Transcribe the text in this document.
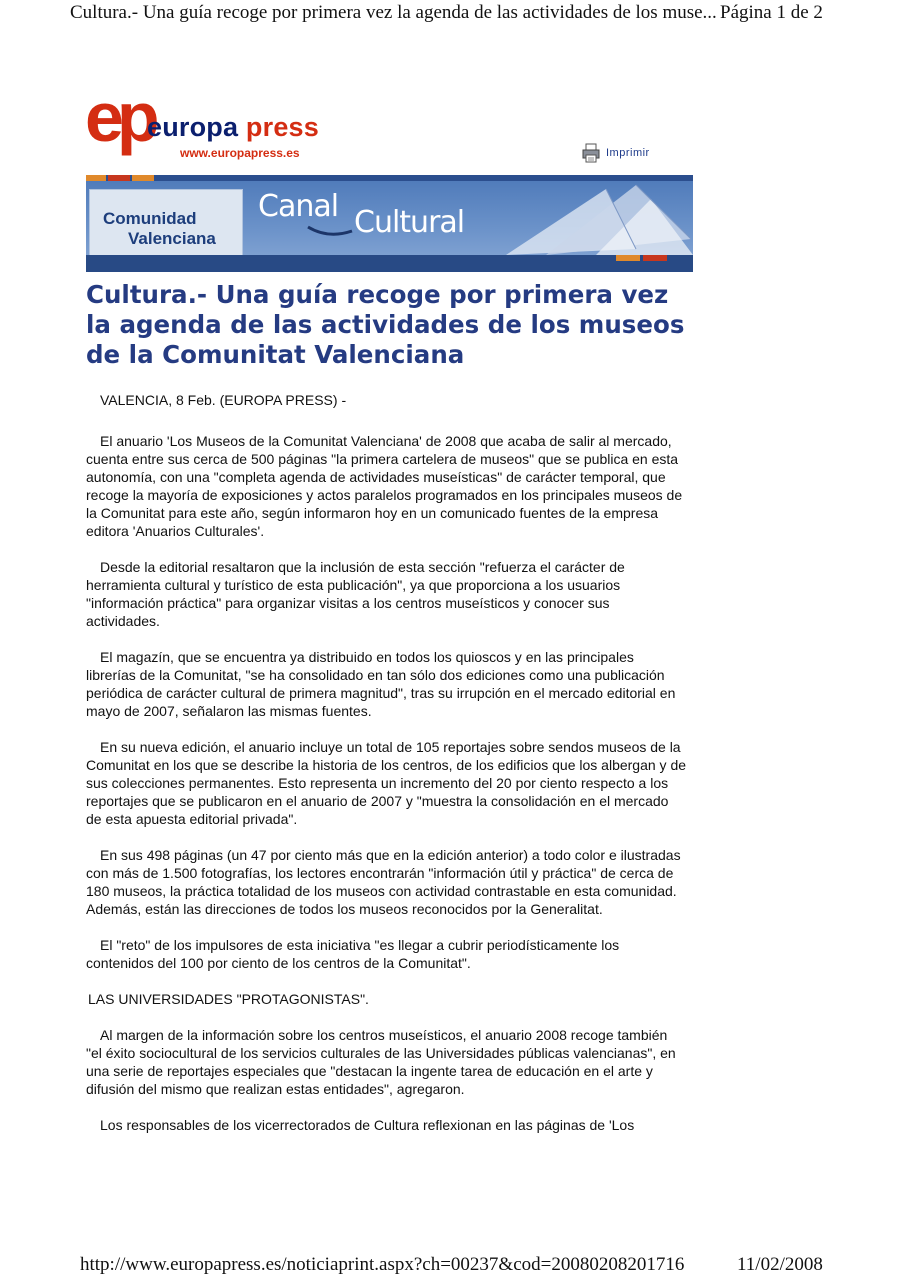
Cultura.- Una guía recoge por primera vez la agenda de las actividades de los muse... Página 1 de 2
ep
europa press
www.europapress.es	Imprimir
Comunidad
Valenciana
Canal Cultural
Cultura.- Una guía recoge por primera vez la agenda de las actividades de los museos de la Comunitat Valenciana

VALENCIA, 8 Feb. (EUROPA PRESS) -

El anuario 'Los Museos de la Comunitat Valenciana' de 2008 que acaba de salir al mercado, cuenta entre sus cerca de 500 páginas "la primera cartelera de museos" que se publica en esta autonomía, con una "completa agenda de actividades museísticas" de carácter temporal, que recoge la mayoría de exposiciones y actos paralelos programados en los principales museos de la Comunitat para este año, según informaron hoy en un comunicado fuentes de la empresa editora 'Anuarios Culturales'.

Desde la editorial resaltaron que la inclusión de esta sección "refuerza el carácter de herramienta cultural y turístico de esta publicación", ya que proporciona a los usuarios "información práctica" para organizar visitas a los centros museísticos y conocer sus actividades.

El magazín, que se encuentra ya distribuido en todos los quioscos y en las principales librerías de la Comunitat, "se ha consolidado en tan sólo dos ediciones como una publicación periódica de carácter cultural de primera magnitud", tras su irrupción en el mercado editorial en mayo de 2007, señalaron las mismas fuentes.

En su nueva edición, el anuario incluye un total de 105 reportajes sobre sendos museos de la Comunitat en los que se describe la historia de los centros, de los edificios que los albergan y de sus colecciones permanentes. Esto representa un incremento del 20 por ciento respecto a los reportajes que se publicaron en el anuario de 2007 y "muestra la consolidación en el mercado de esta apuesta editorial privada".

En sus 498 páginas (un 47 por ciento más que en la edición anterior) a todo color e ilustradas con más de 1.500 fotografías, los lectores encontrarán "información útil y práctica" de cerca de 180 museos, la práctica totalidad de los museos con actividad contrastable en esta comunidad. Además, están las direcciones de todos los museos reconocidos por la Generalitat.

El "reto" de los impulsores de esta iniciativa "es llegar a cubrir periodísticamente los contenidos del 100 por ciento de los centros de la Comunitat".

LAS UNIVERSIDADES "PROTAGONISTAS".

Al margen de la información sobre los centros museísticos, el anuario 2008 recoge también "el éxito sociocultural de los servicios culturales de las Universidades públicas valencianas", en una serie de reportajes especiales que "destacan la ingente tarea de educación en el arte y difusión del mismo que realizan estas entidades", agregaron.

Los responsables de los vicerrectorados de Cultura reflexionan en las páginas de 'Los

http://www.europapress.es/noticiaprint.aspx?ch=00237&cod=20080208201716	11/02/2008
